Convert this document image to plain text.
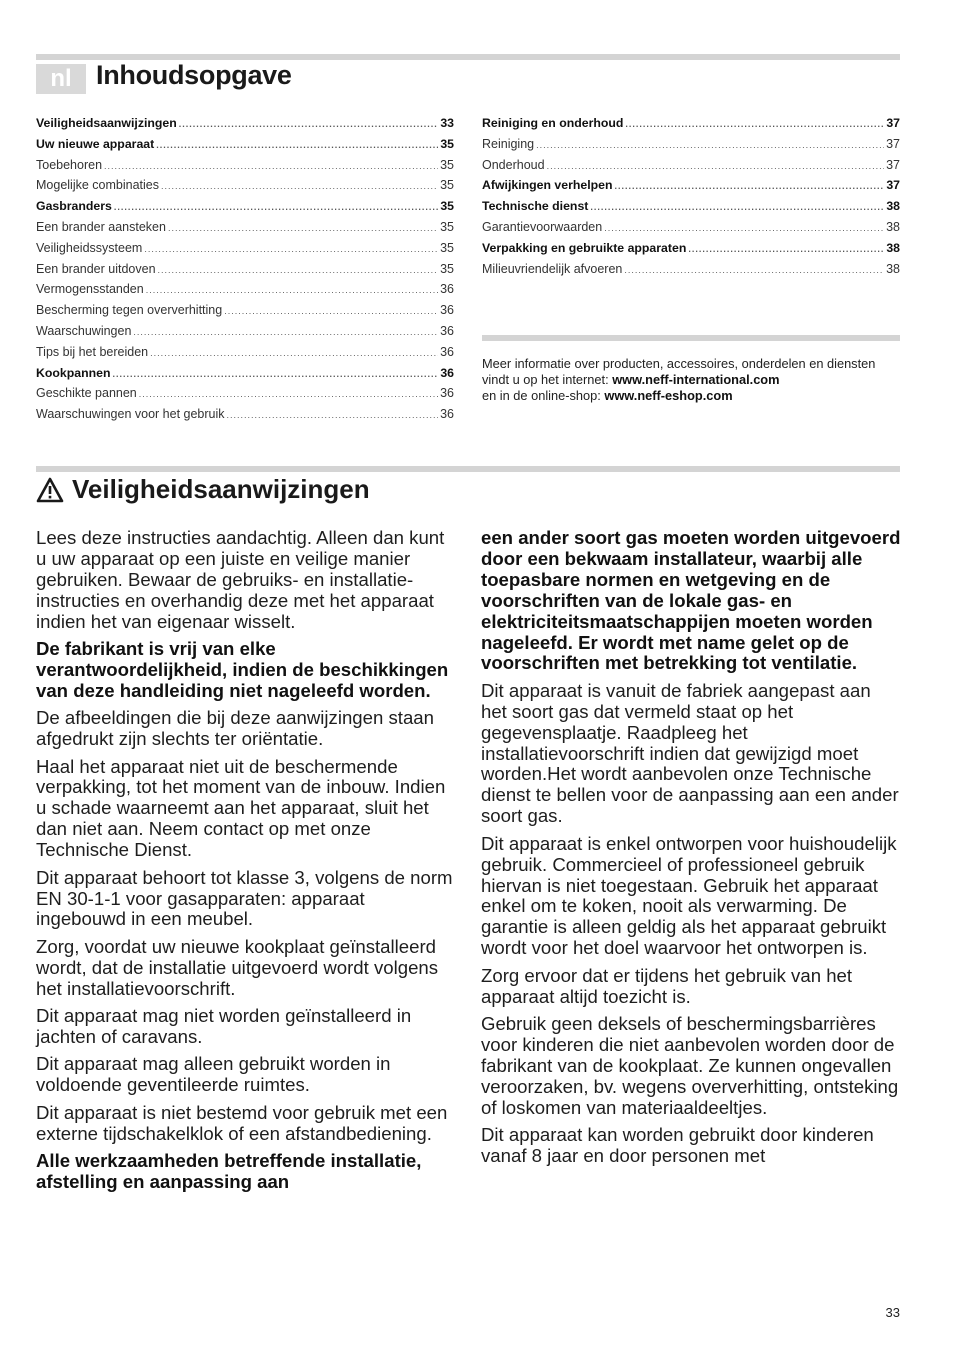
nl Inhoudsopgave
Veiligheidsaanwijzingen .....	33
Uw nieuwe apparaat .....	35
Toebehoren .....	35
Mogelijke combinaties .....	35
Gasbranders .....	35
Een brander aansteken .....	35
Veiligheidssysteem .....	35
Een brander uitdoven .....	35
Vermogensstanden .....	36
Bescherming tegen oververhitting .....	36
Waarschuwingen .....	36
Tips bij het bereiden .....	36
Kookpannen .....	36
Geschikte pannen .....	36
Waarschuwingen voor het gebruik .....	36
Reiniging en onderhoud .....	37
Reiniging .....	37
Onderhoud .....	37
Afwijkingen verhelpen .....	37
Technische dienst .....	38
Garantievoorwaarden .....	38
Verpakking en gebruikte apparaten .....	38
Milieuvriendelijk afvoeren .....	38
Meer informatie over producten, accessoires, onderdelen en diensten vindt u op het internet: www.neff-international.com
en in de online-shop: www.neff-eshop.com
Veiligheidsaanwijzingen

Lees deze instructies aandachtig. Alleen dan kunt u uw apparaat op een juiste en veilige manier gebruiken. Bewaar de gebruiks- en installatie-instructies en overhandig deze met het apparaat indien het van eigenaar wisselt.

De fabrikant is vrij van elke verantwoordelijkheid, indien de beschikkingen van deze handleiding niet nageleefd worden.

De afbeeldingen die bij deze aanwijzingen staan afgedrukt zijn slechts ter oriëntatie.

Haal het apparaat niet uit de beschermende verpakking, tot het moment van de inbouw. Indien u schade waarneemt aan het apparaat, sluit het dan niet aan. Neem contact op met onze Technische Dienst.

Dit apparaat behoort tot klasse 3, volgens de norm EN 30-1-1 voor gasapparaten: apparaat ingebouwd in een meubel.

Zorg, voordat uw nieuwe kookplaat geïnstalleerd wordt, dat de installatie uitgevoerd wordt volgens het installatievoorschrift.

Dit apparaat mag niet worden geïnstalleerd in jachten of caravans.

Dit apparaat mag alleen gebruikt worden in voldoende geventileerde ruimtes.

Dit apparaat is niet bestemd voor gebruik met een externe tijdschakelklok of een afstandbediening.

Alle werkzaamheden betreffende installatie, afstelling en aanpassing aan

een ander soort gas moeten worden uitgevoerd door een bekwaam installateur, waarbij alle toepasbare normen en wetgeving en de voorschriften van de lokale gas- en elektriciteitsmaatschappijen moeten worden nageleefd. Er wordt met name gelet op de voorschriften met betrekking tot ventilatie.

Dit apparaat is vanuit de fabriek aangepast aan het soort gas dat vermeld staat op het gegevensplaatje. Raadpleeg het installatievoorschrift indien dat gewijzigd moet worden.Het wordt aanbevolen onze Technische dienst te bellen voor de aanpassing aan een ander soort gas.

Dit apparaat is enkel ontworpen voor huishoudelijk gebruik. Commercieel of professioneel gebruik hiervan is niet toegestaan. Gebruik het apparaat enkel om te koken, nooit als verwarming. De garantie is alleen geldig als het apparaat gebruikt wordt voor het doel waarvoor het ontworpen is.

Zorg ervoor dat er tijdens het gebruik van het apparaat altijd toezicht is.

Gebruik geen deksels of beschermingsbarrières voor kinderen die niet aanbevolen worden door de fabrikant van de kookplaat. Ze kunnen ongevallen veroorzaken, bv. wegens oververhitting, ontsteking of loskomen van materiaaldeeltjes.

Dit apparaat kan worden gebruikt door kinderen vanaf 8 jaar en door personen met

33
